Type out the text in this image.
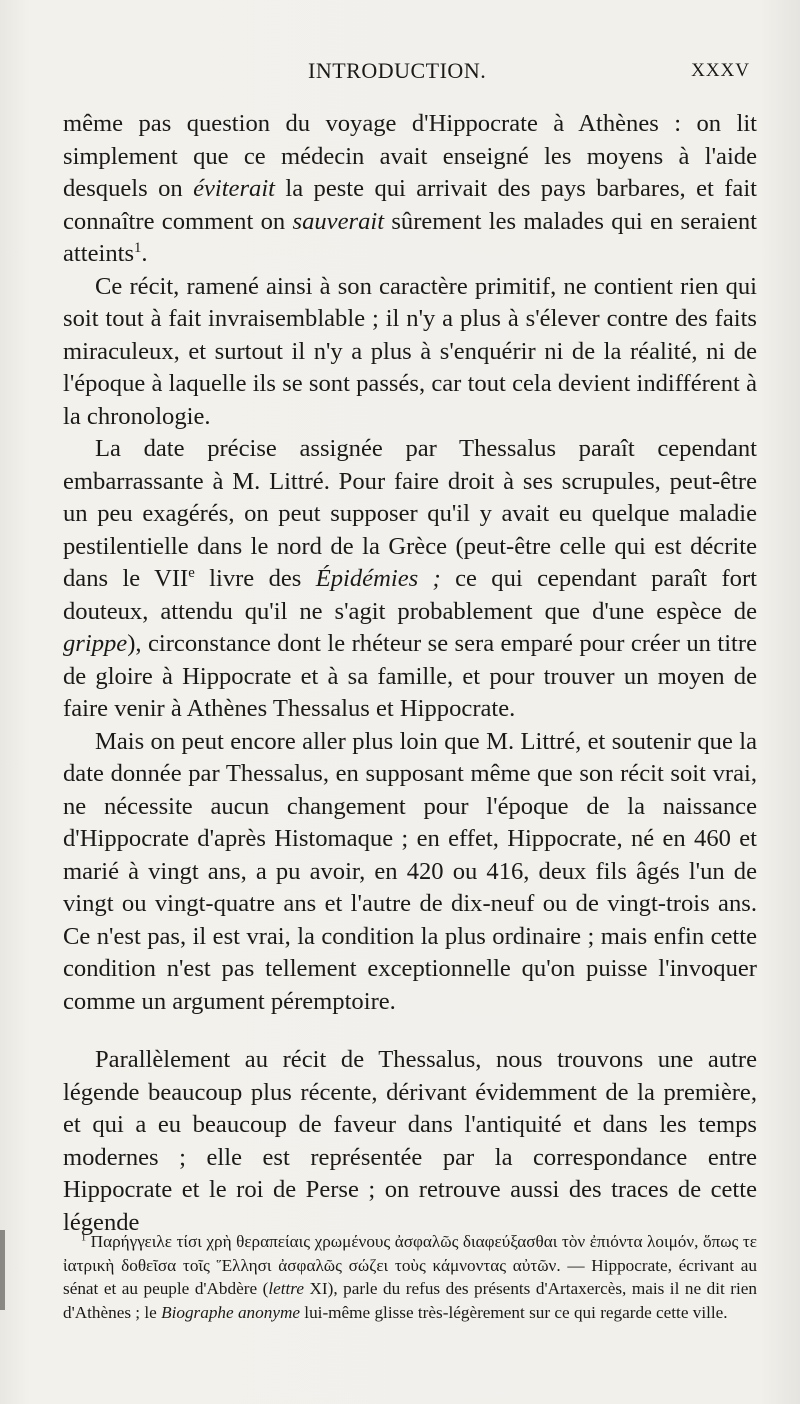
INTRODUCTION.	XXXV

même pas question du voyage d'Hippocrate à Athènes : on lit simplement que ce médecin avait enseigné les moyens à l'aide desquels on éviterait la peste qui arrivait des pays barbares, et fait connaître comment on sauverait sûrement les malades qui en seraient atteints$^1$.

Ce récit, ramené ainsi à son caractère primitif, ne contient rien qui soit tout à fait invraisemblable ; il n'y a plus à s'élever contre des faits miraculeux, et surtout il n'y a plus à s'enquérir ni de la réalité, ni de l'époque à laquelle ils se sont passés, car tout cela devient indifférent à la chronologie.

La date précise assignée par Thessalus paraît cependant embarrassante à M. Littré. Pour faire droit à ses scrupules, peut-être un peu exagérés, on peut supposer qu'il y avait eu quelque maladie pestilentielle dans le nord de la Grèce (peut-être celle qui est décrite dans le VIIe livre des Épidémies ; ce qui cependant paraît fort douteux, attendu qu'il ne s'agit probablement que d'une espèce de grippe), circonstance dont le rhéteur se sera emparé pour créer un titre de gloire à Hippocrate et à sa famille, et pour trouver un moyen de faire venir à Athènes Thessalus et Hippocrate.

Mais on peut encore aller plus loin que M. Littré, et soutenir que la date donnée par Thessalus, en supposant même que son récit soit vrai, ne nécessite aucun changement pour l'époque de la naissance d'Hippocrate d'après Histomaque ; en effet, Hippocrate, né en 460 et marié à vingt ans, a pu avoir, en 420 ou 416, deux fils âgés l'un de vingt ou vingt-quatre ans et l'autre de dix-neuf ou de vingt-trois ans. Ce n'est pas, il est vrai, la condition la plus ordinaire ; mais enfin cette condition n'est pas tellement exceptionnelle qu'on puisse l'invoquer comme un argument péremptoire.

Parallèlement au récit de Thessalus, nous trouvons une autre légende beaucoup plus récente, dérivant évidemment de la première, et qui a eu beaucoup de faveur dans l'antiquité et dans les temps modernes ; elle est représentée par la correspondance entre Hippocrate et le roi de Perse ; on retrouve aussi des traces de cette légende

$^1$ Παρήγγειλε τίσι χρὴ θεραπείαις χρωμένους ἀσφαλῶς διαφεύξασθαι τὸν ἐπιόντα λοιμόν, ὅπως τε ἰατρικὴ δοθεῖσα τοῖς Ἕλλησι ἀσφαλῶς σώζει τοὺς κάμνοντας αὐτῶν. — Hippocrate, écrivant au sénat et au peuple d'Abdère (lettre XI), parle du refus des présents d'Artaxercès, mais il ne dit rien d'Athènes ; le Biographe anonyme lui-même glisse très-légèrement sur ce qui regarde cette ville.
